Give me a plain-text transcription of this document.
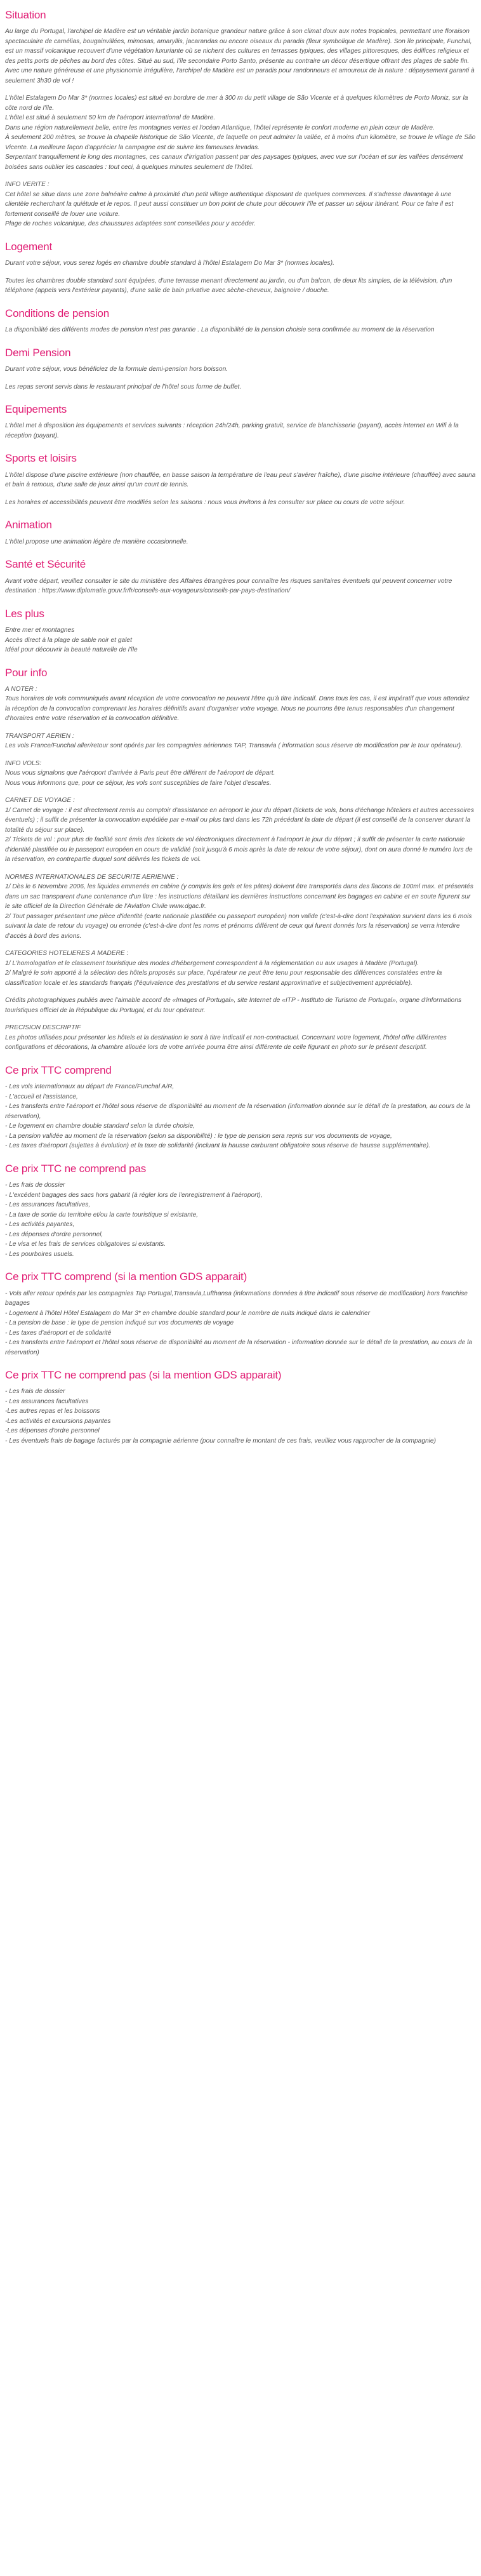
Situation

Au large du Portugal, l'archipel de Madère est un véritable jardin botanique grandeur nature grâce à son climat doux aux notes tropicales, permettant une floraison spectaculaire de camélias, bougainvillées, mimosas, amaryllis, jacarandas ou encore oiseaux du paradis (fleur symbolique de Madère). Son île principale, Funchal, est un massif volcanique recouvert d'une végétation luxuriante où se nichent des cultures en terrasses typiques, des villages pittoresques, des édifices religieux et des petits ports de pêches au bord des côtes. Situé au sud, l'île secondaire Porto Santo, présente au contraire un décor désertique offrant des plages de sable fin. Avec une nature généreuse et une physionomie irrégulière, l'archipel de Madère est un paradis pour randonneurs et amoureux de la nature : dépaysement garanti à seulement 3h30 de vol !

L'hôtel Estalagem Do Mar 3* (normes locales) est situé en bordure de mer à 300 m du petit village de São Vicente et à quelques kilomètres de Porto Moniz, sur la côte nord de l'île.
L'hôtel est situé à seulement 50 km de l'aéroport international de Madère.
Dans une région naturellement belle, entre les montagnes vertes et l'océan Atlantique, l'hôtel représente le confort moderne en plein cœur de Madère.
À seulement 200 mètres, se trouve la chapelle historique de São Vicente, de laquelle on peut admirer la vallée, et à moins d'un kilomètre, se trouve le village de São Vicente. La meilleure façon d'apprécier la campagne est de suivre les fameuses levadas.
Serpentant tranquillement le long des montagnes, ces canaux d'irrigation passent par des paysages typiques, avec vue sur l'océan et sur les vallées densément boisées sans oublier les cascades : tout ceci, à quelques minutes seulement de l'hôtel.

INFO VERITE :
Cet hôtel se situe dans une zone balnéaire calme à proximité d'un petit village authentique disposant de quelques commerces. Il s'adresse davantage à une clientèle recherchant la quiétude et le repos. Il peut aussi constituer un bon point de chute pour découvrir l'île et passer un séjour itinérant. Pour ce faire il est fortement conseillé de louer une voiture.
Plage de roches volcanique, des chaussures adaptées sont conseillées pour y accéder.

Logement

Durant votre séjour, vous serez logés en chambre double standard à l'hôtel Estalagem Do Mar 3* (normes locales).

Toutes les chambres double standard sont équipées, d'une terrasse menant directement au jardin, ou d'un balcon, de deux lits simples, de la télévision, d'un téléphone (appels vers l'extérieur payants), d'une salle de bain privative avec sèche-cheveux, baignoire / douche.

Conditions de pension

La disponibilité des différents modes de pension n'est pas garantie . La disponibilité de la pension choisie sera confirmée au moment de la réservation

Demi Pension

Durant votre séjour, vous bénéficiez de la formule demi-pension hors boisson.

Les repas seront servis dans le restaurant principal de l'hôtel sous forme de buffet.

Equipements

L'hôtel met à disposition les équipements et services suivants : réception 24h/24h, parking gratuit, service de blanchisserie (payant), accès internet en Wifi à la réception (payant).

Sports et loisirs

L'hôtel dispose d'une piscine extérieure (non chauffée, en basse saison la température de l'eau peut s'avérer fraîche), d'une piscine intérieure (chauffée) avec sauna et bain à remous, d'une salle de jeux ainsi qu'un court de tennis.

Les horaires et accessibilités peuvent être modifiés selon les saisons : nous vous invitons à les consulter sur place ou cours de votre séjour.

Animation

L'hôtel propose une animation légère de manière occasionnelle.

Santé et Sécurité

Avant votre départ, veuillez consulter le site du ministère des Affaires étrangères pour connaître les risques sanitaires éventuels qui peuvent concerner votre destination : https://www.diplomatie.gouv.fr/fr/conseils-aux-voyageurs/conseils-par-pays-destination/

Les plus

Entre mer et montagnes
Accès direct à la plage de sable noir et galet
Idéal pour découvrir la beauté naturelle de l'île

Pour info

A NOTER :
Tous horaires de vols communiqués avant réception de votre convocation ne peuvent l'être qu'à titre indicatif. Dans tous les cas, il est impératif que vous attendiez la réception de la convocation comprenant les horaires définitifs avant d'organiser votre voyage. Nous ne pourrons être tenus responsables d'un changement d'horaires entre votre réservation et la convocation définitive.

TRANSPORT AERIEN :
Les vols France/Funchal aller/retour sont opérés par les compagnies aériennes TAP, Transavia ( information sous réserve de modification par le tour opérateur).

INFO VOLS:
Nous vous signalons que l'aéroport d'arrivée à Paris peut être différent de l'aéroport de départ.
Nous vous informons que, pour ce séjour, les vols sont susceptibles de faire l'objet d'escales.

CARNET DE VOYAGE :
1/ Carnet de voyage : il est directement remis au comptoir d'assistance en aéroport le jour du départ (tickets de vols, bons d'échange hôteliers et autres accessoires éventuels) ; il suffit de présenter la convocation expédiée par e-mail ou plus tard dans les 72h précédant la date de départ (il est conseillé de la conserver durant la totalité du séjour sur place).
2/ Tickets de vol : pour plus de facilité sont émis des tickets de vol électroniques directement à l'aéroport le jour du départ ; il suffit de présenter la carte nationale d'identité plastifiée ou le passeport européen en cours de validité (soit jusqu'à 6 mois après la date de retour de votre séjour), dont on aura donné le numéro lors de la réservation, en contrepartie duquel sont délivrés les tickets de vol.

NORMES INTERNATIONALES DE SECURITE AERIENNE :
1/ Dès le 6 Novembre 2006, les liquides emmenés en cabine (y compris les gels et les pâtes) doivent être transportés dans des flacons de 100ml max. et présentés dans un sac transparent d'une contenance d'un litre : les instructions détaillant les dernières instructions concernant les bagages en cabine et en soute figurent sur le site officiel de la Direction Générale de l'Aviation Civile www.dgac.fr.
2/ Tout passager présentant une pièce d'identité (carte nationale plastifiée ou passeport européen) non valide (c'est-à-dire dont l'expiration survient dans les 6 mois suivant la date de retour du voyage) ou erronée (c'est-à-dire dont les noms et prénoms différent de ceux qui furent donnés lors la réservation) se verra interdire d'accès à bord des avions.

CATEGORIES HOTELIERES A MADERE :
1/ L'homologation et le classement touristique des modes d'hébergement correspondent à la réglementation ou aux usages à Madère (Portugal).
2/ Malgré le soin apporté à la sélection des hôtels proposés sur place, l'opérateur ne peut être tenu pour responsable des différences constatées entre la classification locale et les standards français (l'équivalence des prestations et du service restant approximative et subjectivement appréciable).

Crédits photographiques publiés avec l'aimable accord de «Images of Portugal», site Internet de «ITP - Instituto de Turismo de Portugal», organe d'informations touristiques officiel de la République du Portugal, et du tour opérateur.

PRECISION DESCRIPTIF
Les photos utilisées pour présenter les hôtels et la destination le sont à titre indicatif et non-contractuel. Concernant votre logement, l'hôtel offre différentes configurations et décorations, la chambre allouée lors de votre arrivée pourra être ainsi différente de celle figurant en photo sur le présent descriptif.

Ce prix TTC comprend

- Les vols internationaux au départ de France/Funchal A/R,
- L'accueil et l'assistance,
- Les transferts entre l'aéroport et l'hôtel sous réserve de disponibilité au moment de la réservation (information donnée sur le détail de la prestation, au cours de la réservation),
- Le logement en chambre double standard selon la durée choisie,
- La pension validée au moment de la réservation (selon sa disponibilité) : le type de pension sera repris sur vos documents de voyage,
- Les taxes d'aéroport (sujettes à évolution) et la taxe de solidarité (incluant la hausse carburant obligatoire sous réserve de hausse supplémentaire).

Ce prix TTC ne comprend pas

- Les frais de dossier
- L'excédent bagages des sacs hors gabarit (à régler lors de l'enregistrement à l'aéroport),
- Les assurances facultatives,
- La taxe de sortie du territoire et/ou la carte touristique si existante,
- Les activités payantes,
- Les dépenses d'ordre personnel,
- Le visa et les frais de services obligatoires si existants.
- Les pourboires usuels.

Ce prix TTC comprend (si la mention GDS apparait)

- Vols aller retour opérés par les compagnies Tap Portugal,Transavia,Lufthansa (informations données à titre indicatif sous réserve de modification) hors franchise bagages
- Logement à l'hôtel Hôtel Estalagem do Mar 3* en chambre double standard pour le nombre de nuits indiqué dans le calendrier
- La pension de base : le type de pension indiqué sur vos documents de voyage
- Les taxes d'aéroport et de solidarité
- Les transferts entre l'aéroport et l'hôtel sous réserve de disponibilité au moment de la réservation - information donnée sur le détail de la prestation, au cours de la réservation)

Ce prix TTC ne comprend pas (si la mention GDS apparait)

- Les frais de dossier
- Les assurances facultatives
-Les autres repas et les boissons
-Les activités et excursions payantes
-Les dépenses d'ordre personnel
- Les éventuels frais de bagage facturés par la compagnie aérienne (pour connaître le montant de ces frais, veuillez vous rapprocher de la compagnie)
